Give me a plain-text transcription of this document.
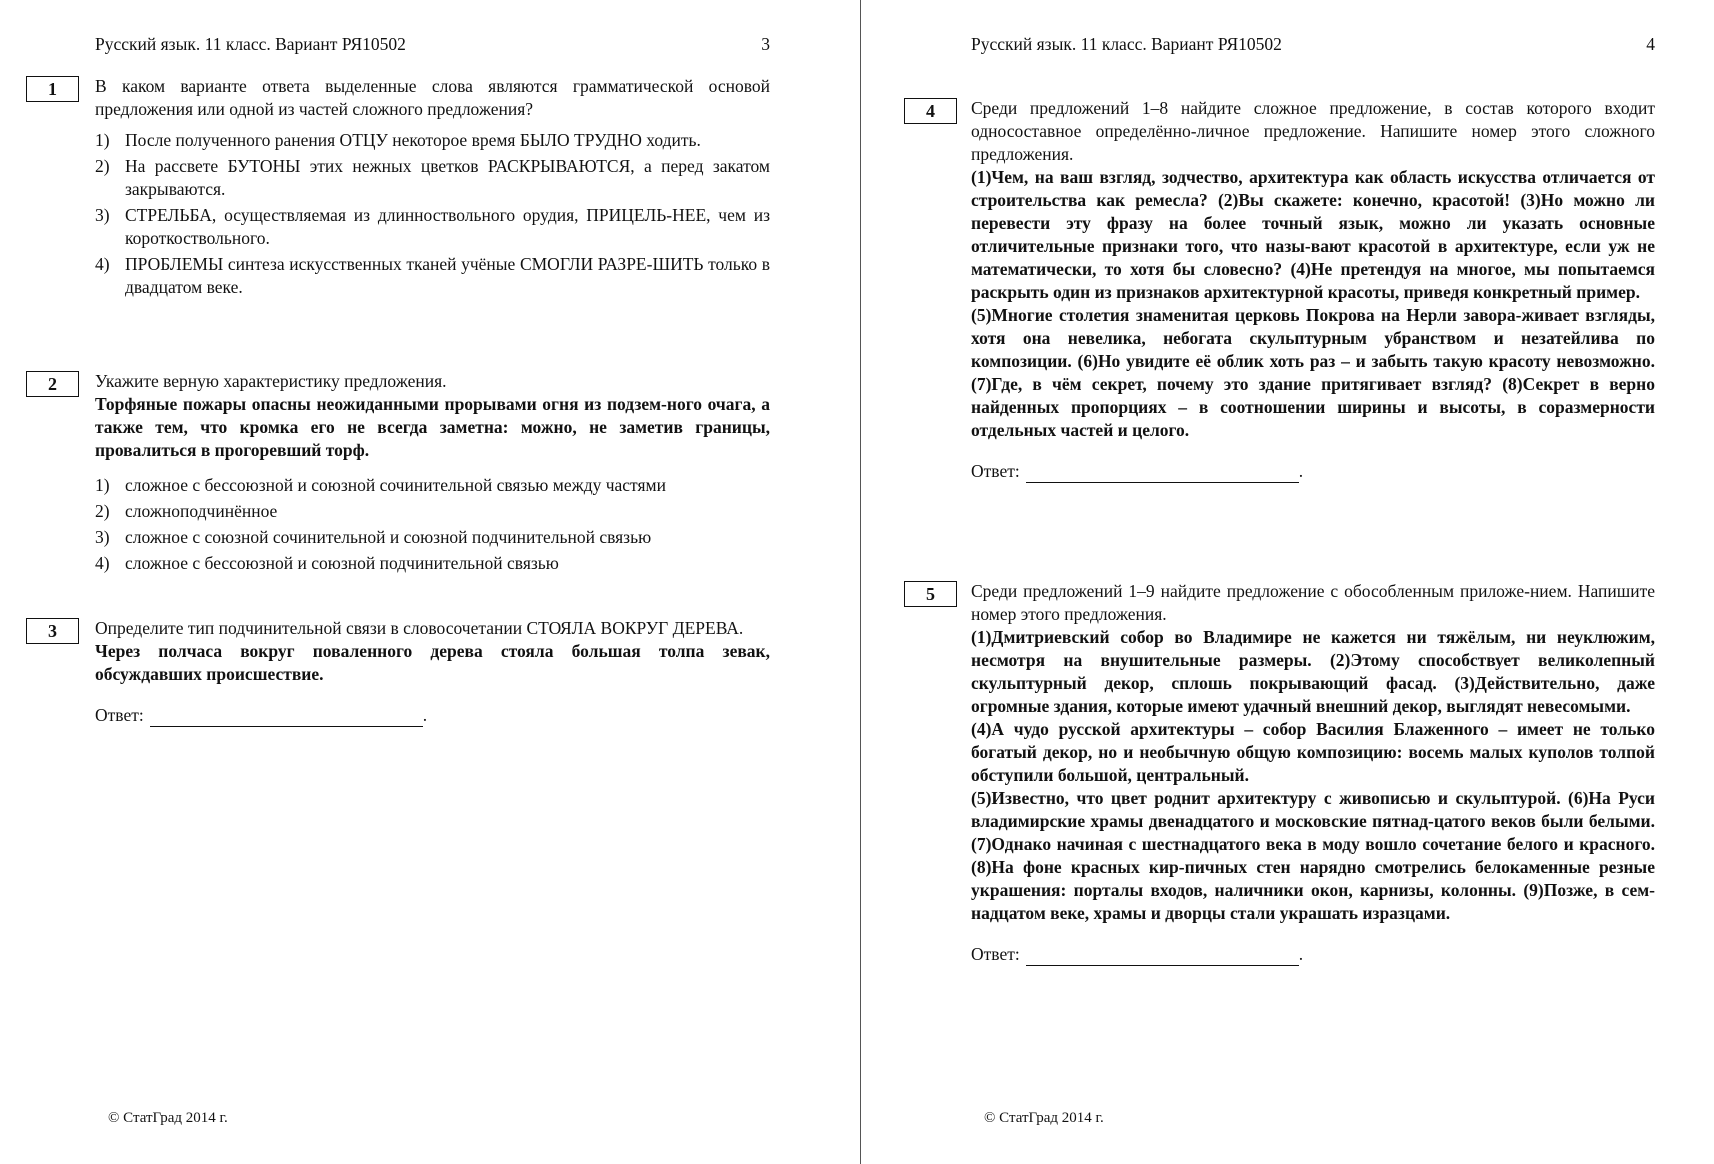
Русский язык. 11 класс. Вариант РЯ10502	3
1	В каком варианте ответа выделенные слова являются грамматической основой предложения или одной из частей сложного предложения?
1) После полученного ранения ОТЦУ некоторое время БЫЛО ТРУДНО ходить.
2) На рассвете БУТОНЫ этих нежных цветков РАСКРЫВАЮТСЯ, а перед закатом закрываются.
3) СТРЕЛЬБА, осуществляемая из длинноствольного орудия, ПРИЦЕЛЬ-НЕЕ, чем из короткоствольного.
4) ПРОБЛЕМЫ синтеза искусственных тканей учёные СМОГЛИ РАЗРЕ-ШИТЬ только в двадцатом веке.
2	Укажите верную характеристику предложения.
Торфяные пожары опасны неожиданными прорывами огня из подзем-ного очага, а также тем, что кромка его не всегда заметна: можно, не заметив границы, провалиться в прогоревший торф.
1) сложное с бессоюзной и союзной сочинительной связью между частями
2) сложноподчинённое
3) сложное с союзной сочинительной и союзной подчинительной связью
4) сложное с бессоюзной и союзной подчинительной связью
3	Определите тип подчинительной связи в словосочетании СТОЯЛА ВОКРУГ ДЕРЕВА.
Через полчаса вокруг поваленного дерева стояла большая толпа зевак, обсуждавших происшествие.
Ответ:	.
© СтатГрад 2014 г.
Русский язык. 11 класс. Вариант РЯ10502	4
4	Среди предложений 1–8 найдите сложное предложение, в состав которого входит односоставное определённо-личное предложение. Напишите номер этого сложного предложения.
(1)Чем, на ваш взгляд, зодчество, архитектура как область искусства отличается от строительства как ремесла? (2)Вы скажете: конечно, красотой! (3)Но можно ли перевести эту фразу на более точный язык, можно ли указать основные отличительные признаки того, что назы-вают красотой в архитектуре, если уж не математически, то хотя бы словесно? (4)Не претендуя на многое, мы попытаемся раскрыть один из признаков архитектурной красоты, приведя конкретный пример.
(5)Многие столетия знаменитая церковь Покрова на Нерли завора-живает взгляды, хотя она невелика, небогата скульптурным убранством и незатейлива по композиции. (6)Но увидите её облик хоть раз – и забыть такую красоту невозможно. (7)Где, в чём секрет, почему это здание притягивает взгляд? (8)Секрет в верно найденных пропорциях – в соотношении ширины и высоты, в соразмерности отдельных частей и целого.
Ответ:	.
5	Среди предложений 1–9 найдите предложение с обособленным приложе-нием. Напишите номер этого предложения.
(1)Дмитриевский собор во Владимире не кажется ни тяжёлым, ни неуклюжим, несмотря на внушительные размеры. (2)Этому способствует великолепный скульптурный декор, сплошь покрывающий фасад. (3)Действительно, даже огромные здания, которые имеют удачный внешний декор, выглядят невесомыми.
(4)А чудо русской архитектуры – собор Василия Блаженного – имеет не только богатый декор, но и необычную общую композицию: восемь малых куполов толпой обступили большой, центральный.
(5)Известно, что цвет роднит архитектуру с живописью и скульптурой. (6)На Руси владимирские храмы двенадцатого и московские пятнад-цатого веков были белыми. (7)Однако начиная с шестнадцатого века в моду вошло сочетание белого и красного. (8)На фоне красных кир-пичных стен нарядно смотрелись белокаменные резные украшения: порталы входов, наличники окон, карнизы, колонны. (9)Позже, в сем-надцатом веке, храмы и дворцы стали украшать изразцами.
Ответ:	.
© СтатГрад 2014 г.
